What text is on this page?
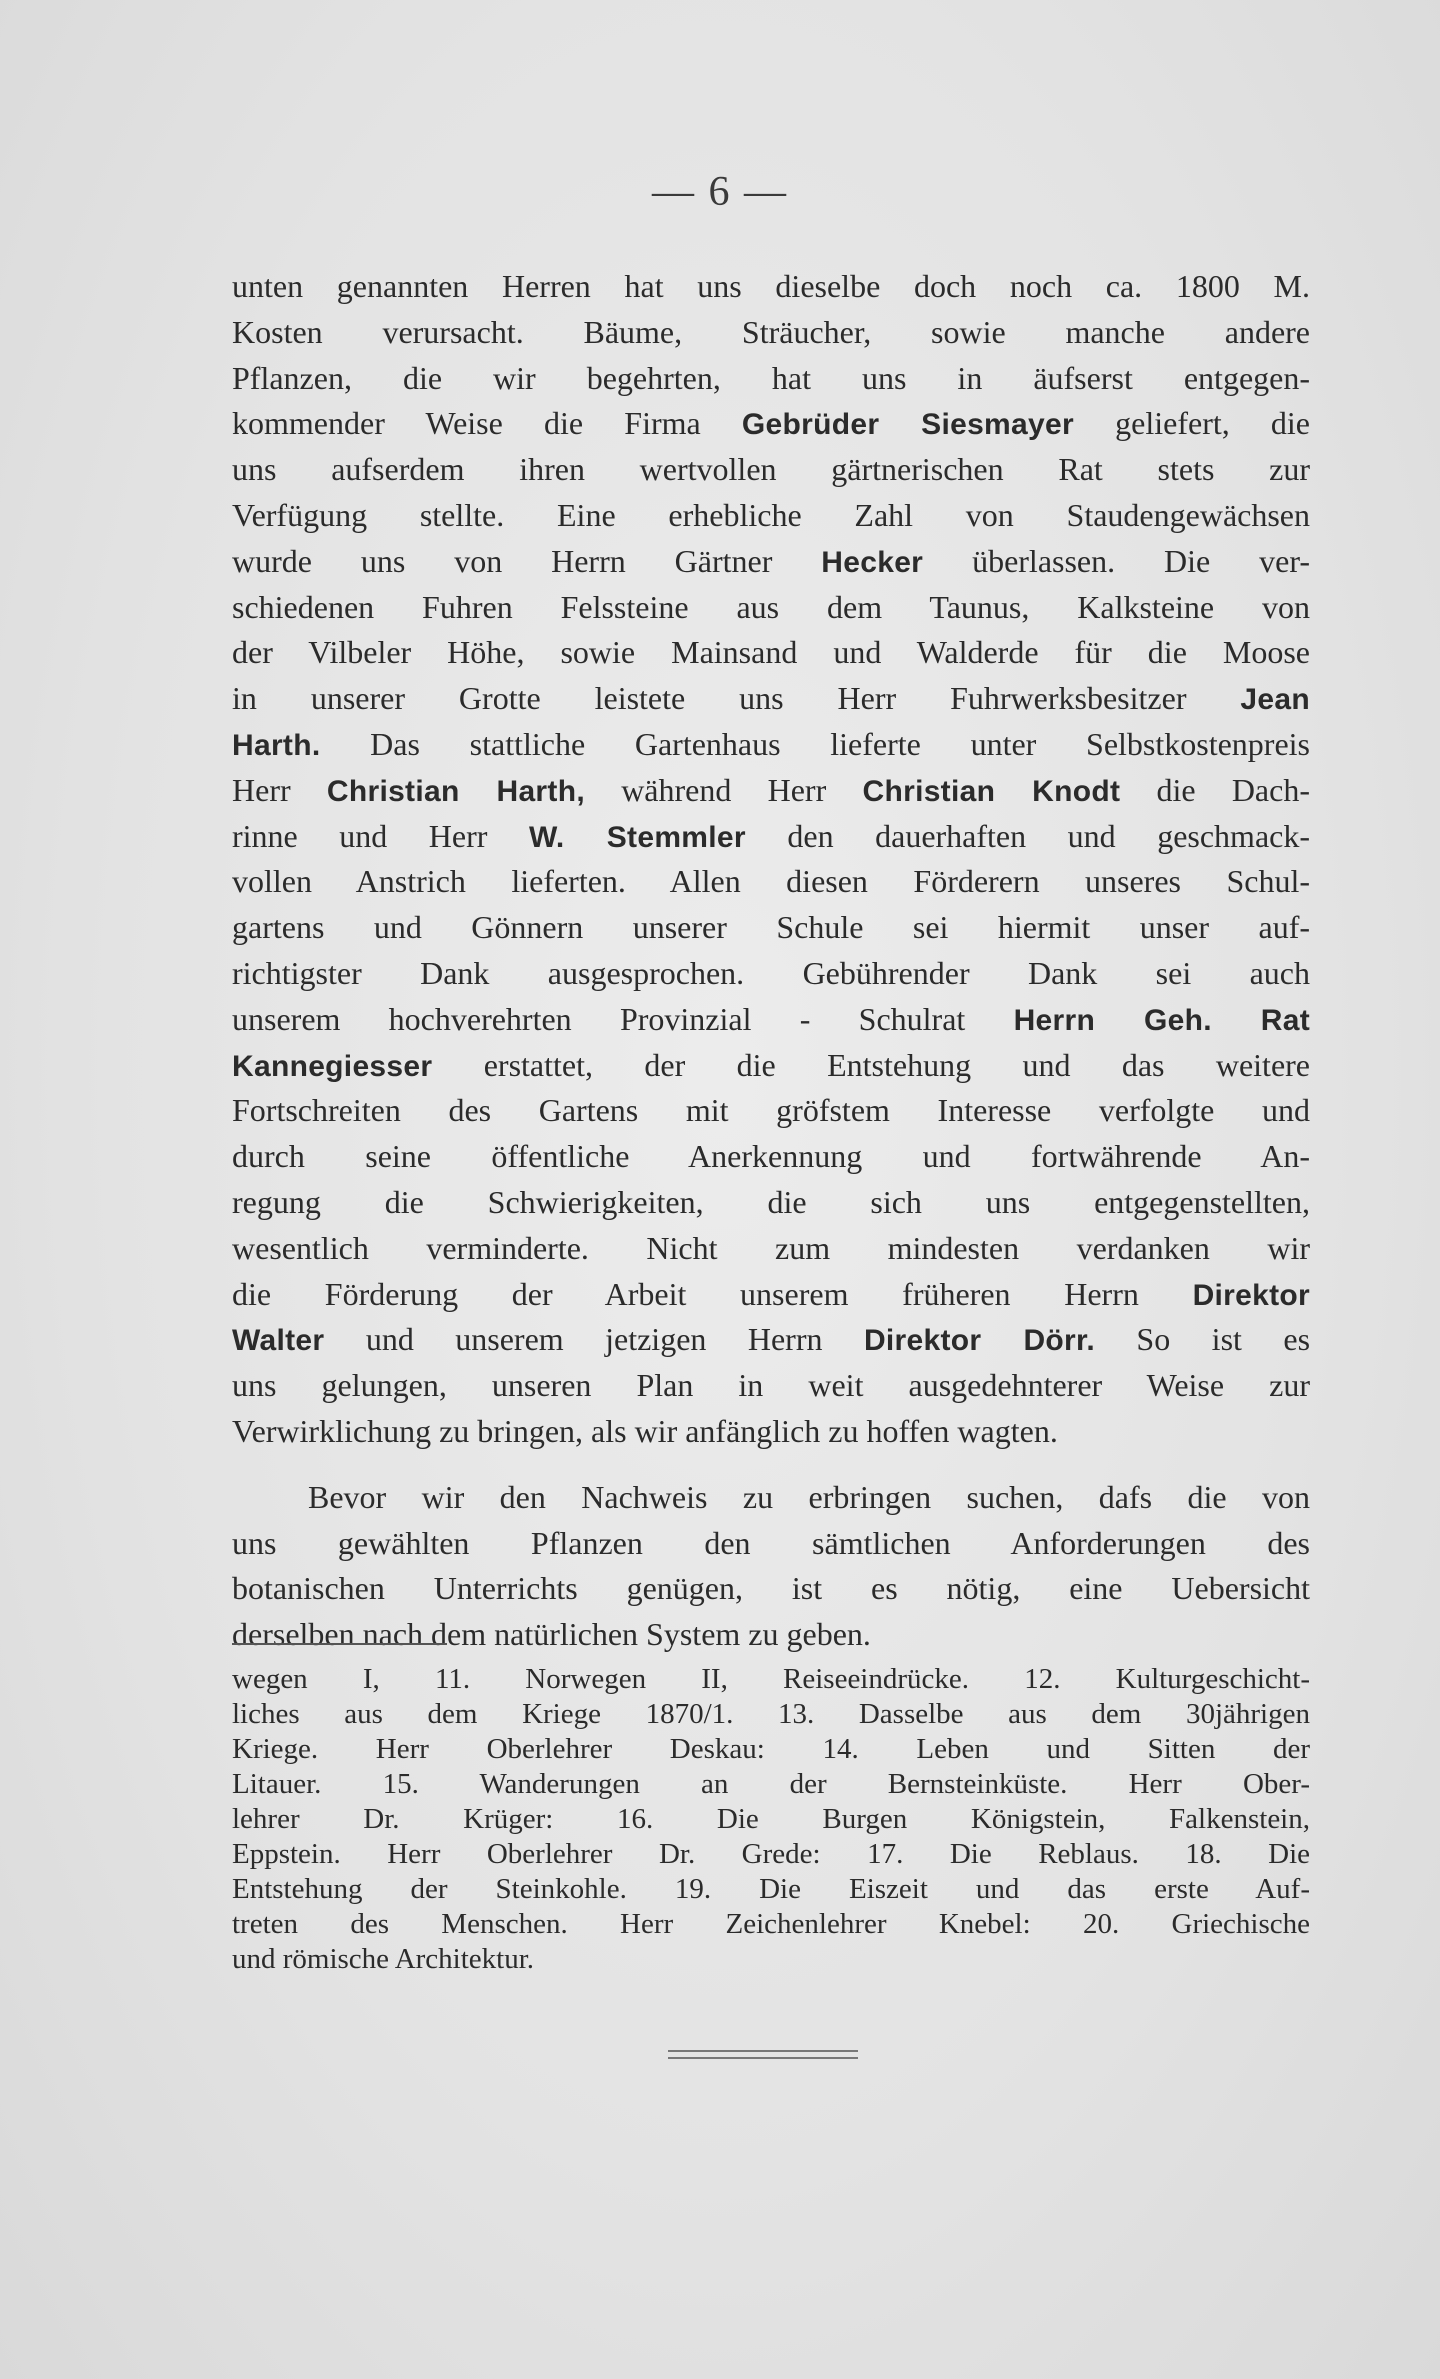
— 6 —
unten genannten Herren hat uns dieselbe doch noch ca. 1800 M.
Kosten verursacht. Bäume, Sträucher, sowie manche andere
Pflanzen, die wir begehrten, hat uns in äufserst entgegen-
kommender Weise die Firma Gebrüder Siesmayer geliefert, die
uns aufserdem ihren wertvollen gärtnerischen Rat stets zur
Verfügung stellte. Eine erhebliche Zahl von Staudengewächsen
wurde uns von Herrn Gärtner Hecker überlassen. Die ver-
schiedenen Fuhren Felssteine aus dem Taunus, Kalksteine von
der Vilbeler Höhe, sowie Mainsand und Walderde für die Moose
in unserer Grotte leistete uns Herr Fuhrwerksbesitzer Jean
Harth. Das stattliche Gartenhaus lieferte unter Selbstkostenpreis
Herr Christian Harth, während Herr Christian Knodt die Dach-
rinne und Herr W. Stemmler den dauerhaften und geschmack-
vollen Anstrich lieferten. Allen diesen Förderern unseres Schul-
gartens und Gönnern unserer Schule sei hiermit unser auf-
richtigster Dank ausgesprochen. Gebührender Dank sei auch
unserem hochverehrten Provinzial - Schulrat Herrn Geh. Rat
Kannegiesser erstattet, der die Entstehung und das weitere
Fortschreiten des Gartens mit gröfstem Interesse verfolgte und
durch seine öffentliche Anerkennung und fortwährende An-
regung die Schwierigkeiten, die sich uns entgegenstellten,
wesentlich verminderte. Nicht zum mindesten verdanken wir
die Förderung der Arbeit unserem früheren Herrn Direktor
Walter und unserem jetzigen Herrn Direktor Dörr. So ist es
uns gelungen, unseren Plan in weit ausgedehnterer Weise zur
Verwirklichung zu bringen, als wir anfänglich zu hoffen wagten.
Bevor wir den Nachweis zu erbringen suchen, dafs die von
uns gewählten Pflanzen den sämtlichen Anforderungen des
botanischen Unterrichts genügen, ist es nötig, eine Uebersicht
derselben nach dem natürlichen System zu geben.
wegen I, 11. Norwegen II, Reiseeindrücke. 12. Kulturgeschicht-
liches aus dem Kriege 1870/1. 13. Dasselbe aus dem 30jährigen
Kriege. Herr Oberlehrer Deskau: 14. Leben und Sitten der
Litauer. 15. Wanderungen an der Bernsteinküste. Herr Ober-
lehrer Dr. Krüger: 16. Die Burgen Königstein, Falkenstein,
Eppstein. Herr Oberlehrer Dr. Grede: 17. Die Reblaus. 18. Die
Entstehung der Steinkohle. 19. Die Eiszeit und das erste Auf-
treten des Menschen. Herr Zeichenlehrer Knebel: 20. Griechische
und römische Architektur.
